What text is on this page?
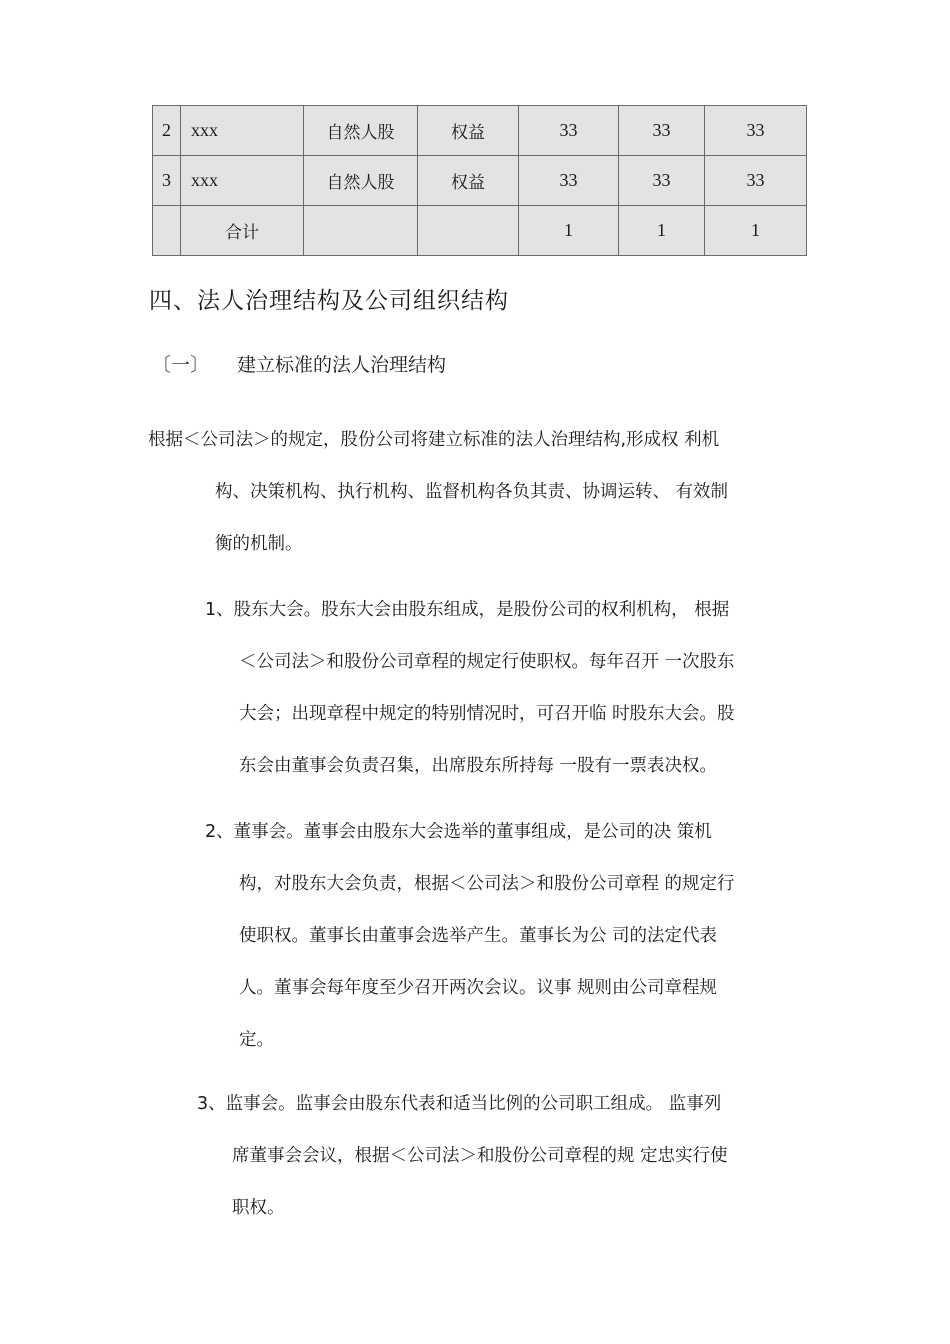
2	xxx	自然人股	权益	33	33	33
3	xxx	自然人股	权益	33	33	33
	合计			1	1	1
四、法人治理结构及公司组织结构
〔一〕 建立标准的法人治理结构
根据＜公司法＞的规定，股份公司将建立标准的法人治理结构,形成权 利机
构、决策机构、执行机构、监督机构各负其责、协调运转、 有效制
衡的机制。
1、股东大会。股东大会由股东组成，是股份公司的权利机构， 根据
＜公司法＞和股份公司章程的规定行使职权。每年召开 一次股东
大会；出现章程中规定的特别情况时，可召开临 时股东大会。股
东会由董事会负责召集，出席股东所持每 一股有一票表决权。
2、董事会。董事会由股东大会选举的董事组成，是公司的决 策机
构，对股东大会负责，根据＜公司法＞和股份公司章程 的规定行
使职权。董事长由董事会选举产生。董事长为公 司的法定代表
人。董事会每年度至少召开两次会议。议事 规则由公司章程规
定。
3、监事会。监事会由股东代表和适当比例的公司职工组成。 监事列
席董事会会议，根据＜公司法＞和股份公司章程的规 定忠实行使
职权。
